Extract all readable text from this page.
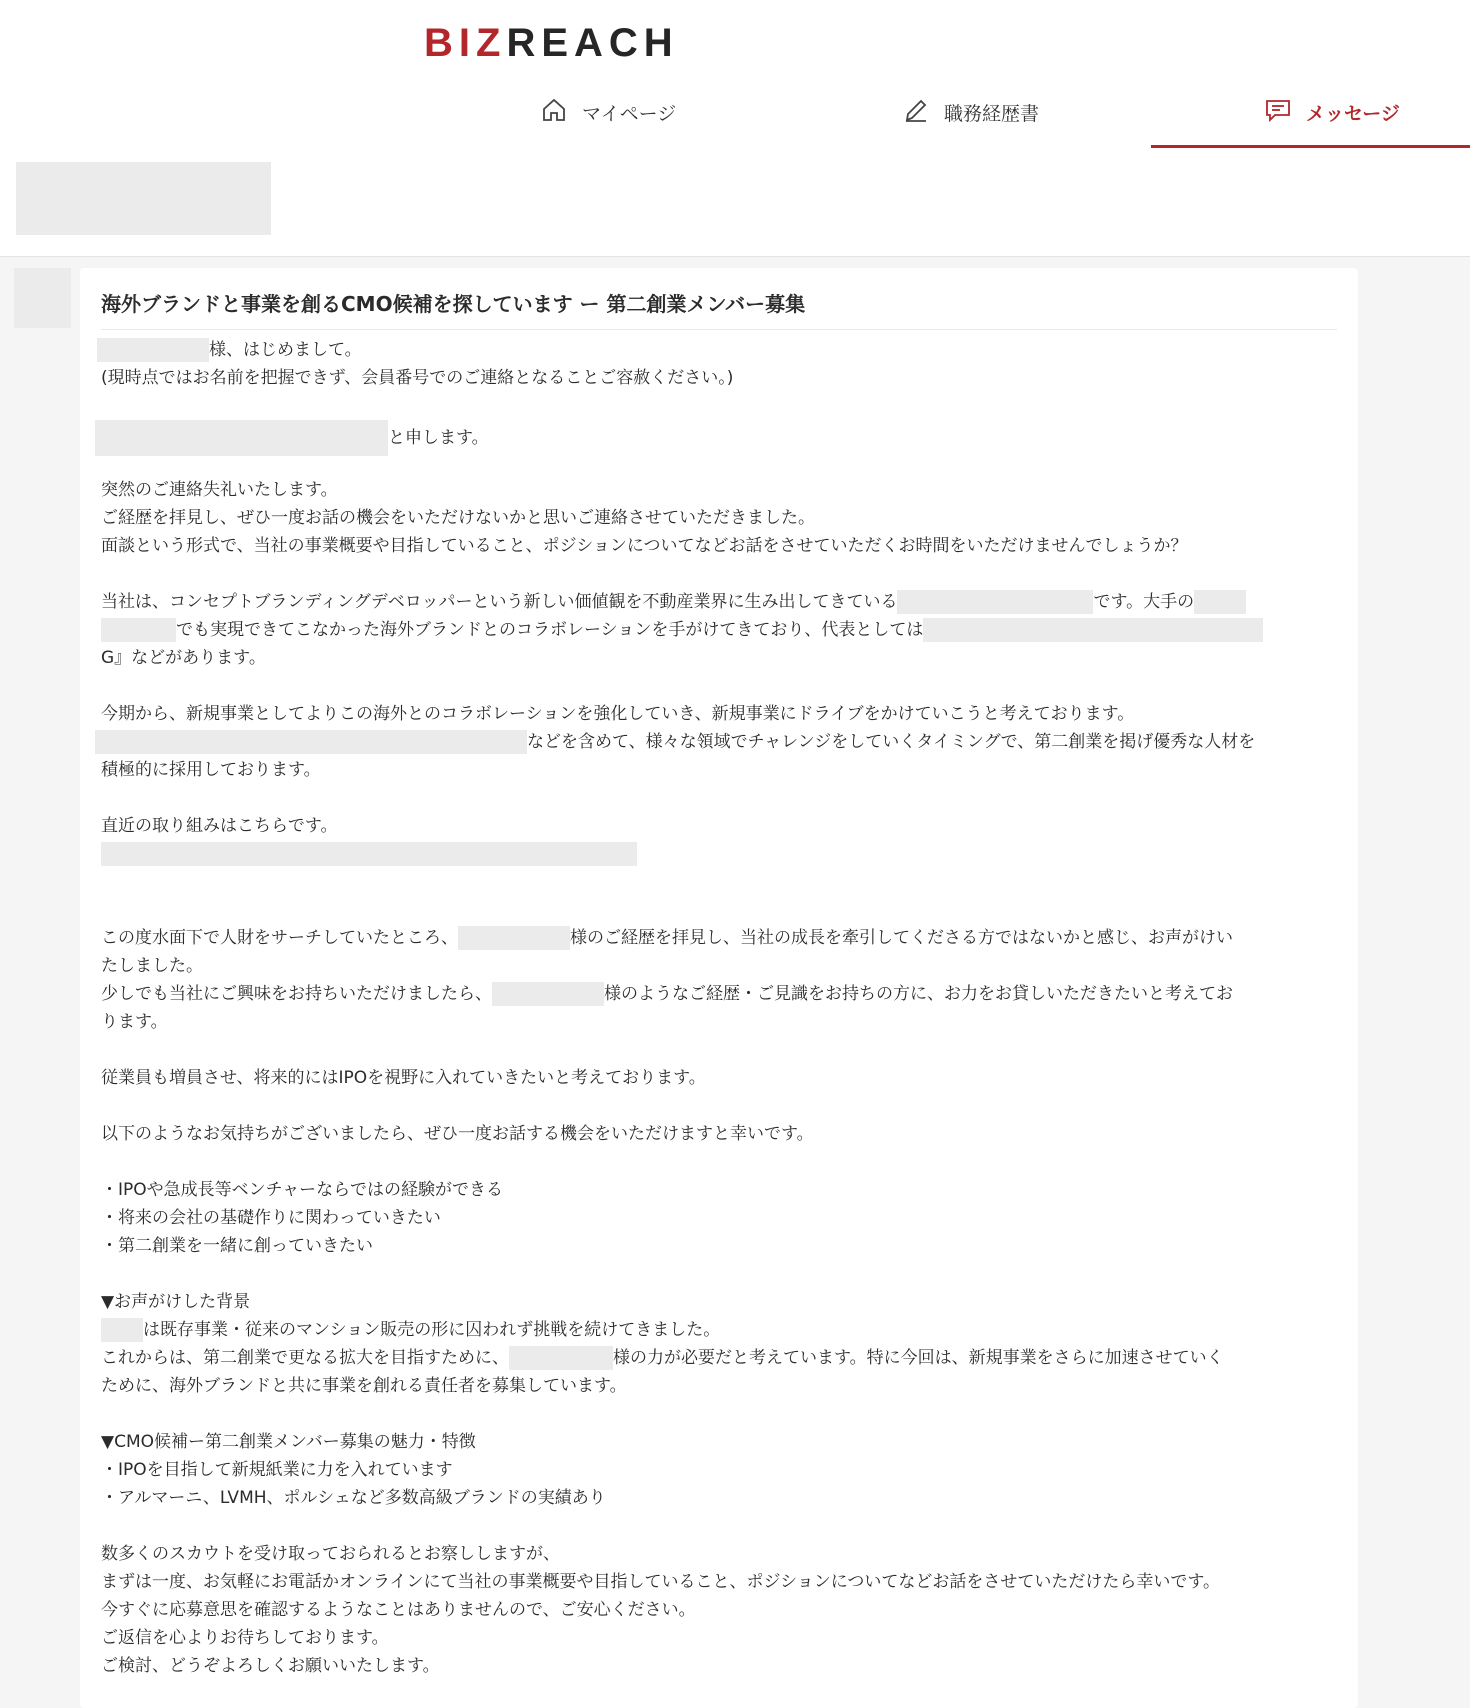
BIZREACH
マイページ	職務経歴書	メッセージ
海外ブランドと事業を創るCMO候補を探しています ー 第二創業メンバー募集
様、はじめまして。
(現時点ではお名前を把握できず、会員番号でのご連絡となることご容赦ください。)
と申します。
突然のご連絡失礼いたします。
ご経歴を拝見し、ぜひ一度お話の機会をいただけないかと思いご連絡させていただきました。
面談という形式で、当社の事業概要や目指していること、ポジションについてなどお話をさせていただくお時間をいただけませんでしょうか？
当社は、コンセプトブランディングデベロッパーという新しい価値観を不動産業界に生み出してきている	です。大手の
でも実現できてこなかった海外ブランドとのコラボレーションを手がけてきており、代表としては
G』などがあります。
今期から、新規事業としてよりこの海外とのコラボレーションを強化していき、新規事業にドライブをかけていこうと考えております。
などを含めて、様々な領域でチャレンジをしていくタイミングで、第二創業を掲げ優秀な人材を
積極的に採用しております。
直近の取り組みはこちらです。
この度水面下で人財をサーチしていたところ、	様のご経歴を拝見し、当社の成長を牽引してくださる方ではないかと感じ、お声がけい
たしました。
少しでも当社にご興味をお持ちいただけましたら、	様のようなご経歴・ご見識をお持ちの方に、お力をお貸しいただきたいと考えてお
ります。
従業員も増員させ、将来的にはIPOを視野に入れていきたいと考えております。
以下のようなお気持ちがございましたら、ぜひ一度お話する機会をいただけますと幸いです。
・IPOや急成長等ベンチャーならではの経験ができる
・将来の会社の基礎作りに関わっていきたい
・第二創業を一緒に創っていきたい
▼お声がけした背景
は既存事業・従来のマンション販売の形に囚われず挑戦を続けてきました。
これからは、第二創業で更なる拡大を目指すために、	様の力が必要だと考えています。特に今回は、新規事業をさらに加速させていく
ために、海外ブランドと共に事業を創れる責任者を募集しています。
▼CMO候補ー第二創業メンバー募集の魅力・特徴
・IPOを目指して新規紙業に力を入れています
・アルマーニ、LVMH、ポルシェなど多数高級ブランドの実績あり
数多くのスカウトを受け取っておられるとお察ししますが、
まずは一度、お気軽にお電話かオンラインにて当社の事業概要や目指していること、ポジションについてなどお話をさせていただけたら幸いです。
今すぐに応募意思を確認するようなことはありませんので、ご安心ください。
ご返信を心よりお待ちしております。
ご検討、どうぞよろしくお願いいたします。
